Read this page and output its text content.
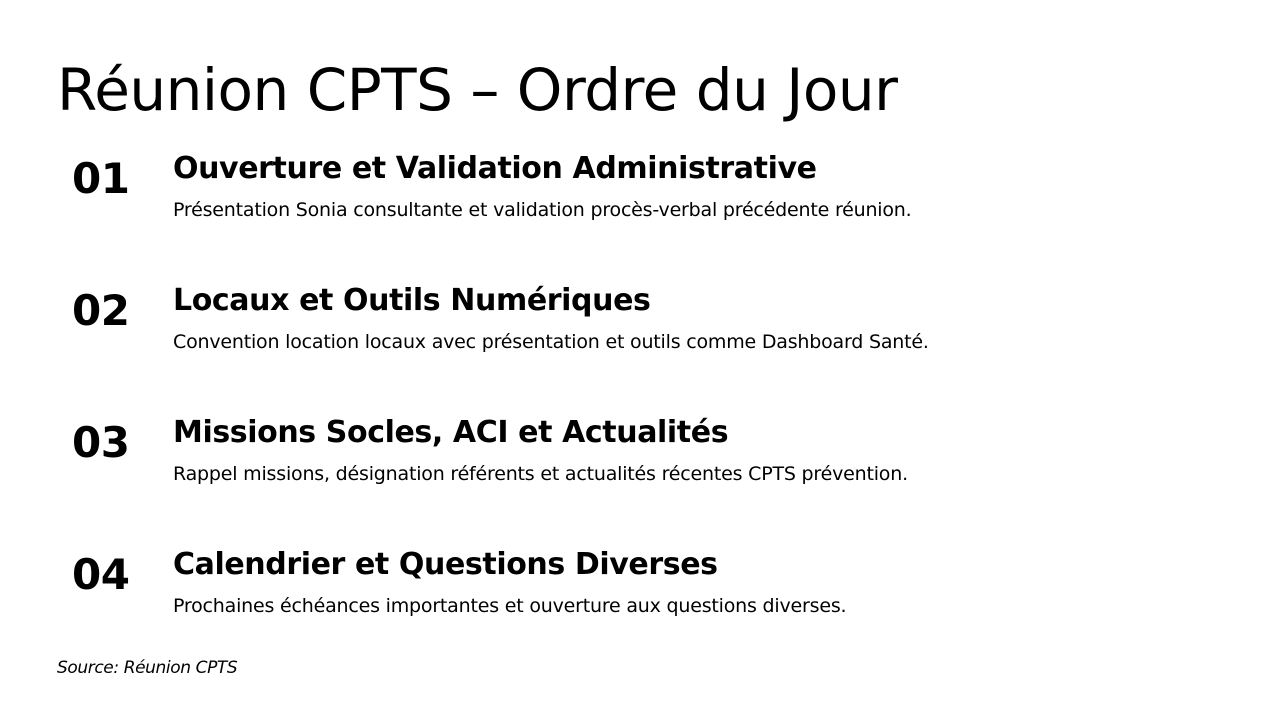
Réunion CPTS – Ordre du Jour
01 Ouverture et Validation Administrative

Présentation Sonia consultante et validation procès-verbal précédente réunion.

02 Locaux et Outils Numériques

Convention location locaux avec présentation et outils comme Dashboard Santé.

03 Missions Socles, ACI et Actualités

Rappel missions, désignation référents et actualités récentes CPTS prévention.

04 Calendrier et Questions Diverses

Prochaines échéances importantes et ouverture aux questions diverses.

Source: Réunion CPTS
